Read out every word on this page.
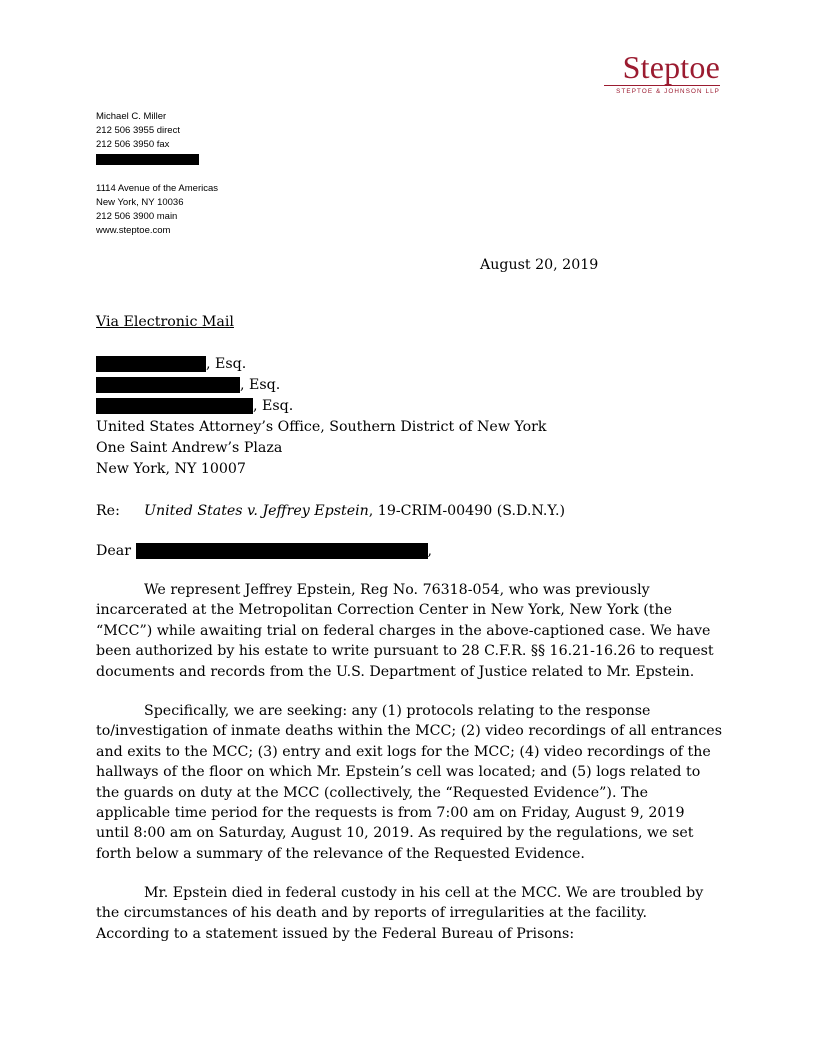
Steptoe
STEPTOE & JOHNSON LLP
Michael C. Miller
212 506 3955 direct
212 506 3950 fax
1114 Avenue of the Americas
New York, NY 10036
212 506 3900 main
www.steptoe.com
August 20, 2019
Via Electronic Mail
, Esq.
, Esq.
, Esq.
United States Attorney’s Office, Southern District of New York
One Saint Andrew’s Plaza
New York, NY 10007
Re: United States v. Jeffrey Epstein, 19-CRIM-00490 (S.D.N.Y.)
Dear	,

We represent Jeffrey Epstein, Reg No. 76318-054, who was previously incarcerated at the Metropolitan Correction Center in New York, New York (the “MCC”) while awaiting trial on federal charges in the above-captioned case. We have been authorized by his estate to write pursuant to 28 C.F.R. §§ 16.21-16.26 to request documents and records from the U.S. Department of Justice related to Mr. Epstein.

Specifically, we are seeking: any (1) protocols relating to the response to/investigation of inmate deaths within the MCC; (2) video recordings of all entrances and exits to the MCC; (3) entry and exit logs for the MCC; (4) video recordings of the hallways of the floor on which Mr. Epstein’s cell was located; and (5) logs related to the guards on duty at the MCC (collectively, the “Requested Evidence”). The applicable time period for the requests is from 7:00 am on Friday, August 9, 2019 until 8:00 am on Saturday, August 10, 2019. As required by the regulations, we set forth below a summary of the relevance of the Requested Evidence.

Mr. Epstein died in federal custody in his cell at the MCC. We are troubled by the circumstances of his death and by reports of irregularities at the facility. According to a statement issued by the Federal Bureau of Prisons:
